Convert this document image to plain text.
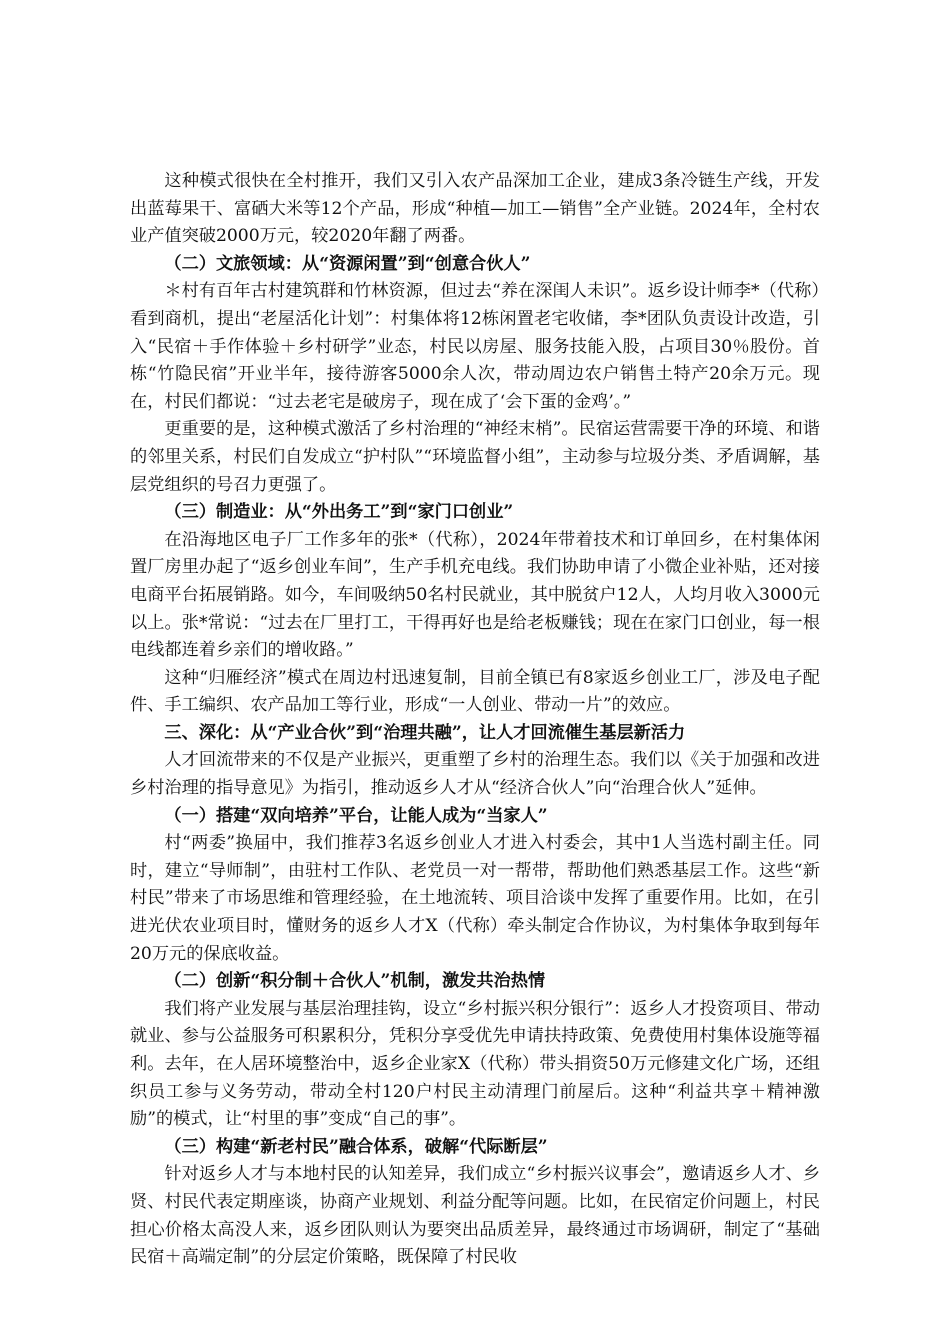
这种模式很快在全村推开，我们又引入农产品深加工企业，建成3条冷链生产线，开发出蓝莓果干、富硒大米等12个产品，形成“种植—加工—销售”全产业链。2024年，全村农业产值突破2000万元，较2020年翻了两番。

（二）文旅领域：从“资源闲置”到“创意合伙人”

＊村有百年古村建筑群和竹林资源，但过去“养在深闺人未识”。返乡设计师李*（代称）看到商机，提出“老屋活化计划”：村集体将12栋闲置老宅收储，李*团队负责设计改造，引入“民宿＋手作体验＋乡村研学”业态，村民以房屋、服务技能入股，占项目30％股份。首栋“竹隐民宿”开业半年，接待游客5000余人次，带动周边农户销售土特产20余万元。现在，村民们都说：“过去老宅是破房子，现在成了‘会下蛋的金鸡’。”

更重要的是，这种模式激活了乡村治理的“神经末梢”。民宿运营需要干净的环境、和谐的邻里关系，村民们自发成立“护村队”“环境监督小组”，主动参与垃圾分类、矛盾调解，基层党组织的号召力更强了。

（三）制造业：从“外出务工”到“家门口创业”

在沿海地区电子厂工作多年的张*（代称），2024年带着技术和订单回乡，在村集体闲置厂房里办起了“返乡创业车间”，生产手机充电线。我们协助申请了小微企业补贴，还对接电商平台拓展销路。如今，车间吸纳50名村民就业，其中脱贫户12人，人均月收入3000元以上。张*常说：“过去在厂里打工，干得再好也是给老板赚钱；现在在家门口创业，每一根电线都连着乡亲们的增收路。”

这种“归雁经济”模式在周边村迅速复制，目前全镇已有8家返乡创业工厂，涉及电子配件、手工编织、农产品加工等行业，形成“一人创业、带动一片”的效应。

三、深化：从“产业合伙”到“治理共融”，让人才回流催生基层新活力

人才回流带来的不仅是产业振兴，更重塑了乡村的治理生态。我们以《关于加强和改进乡村治理的指导意见》为指引，推动返乡人才从“经济合伙人”向“治理合伙人”延伸。

（一）搭建“双向培养”平台，让能人成为“当家人”

村“两委”换届中，我们推荐3名返乡创业人才进入村委会，其中1人当选村副主任。同时，建立“导师制”，由驻村工作队、老党员一对一帮带，帮助他们熟悉基层工作。这些“新村民”带来了市场思维和管理经验，在土地流转、项目洽谈中发挥了重要作用。比如，在引进光伏农业项目时，懂财务的返乡人才X（代称）牵头制定合作协议，为村集体争取到每年20万元的保底收益。

（二）创新“积分制＋合伙人”机制，激发共治热情

我们将产业发展与基层治理挂钩，设立“乡村振兴积分银行”：返乡人才投资项目、带动就业、参与公益服务可积累积分，凭积分享受优先申请扶持政策、免费使用村集体设施等福利。去年，在人居环境整治中，返乡企业家X（代称）带头捐资50万元修建文化广场，还组织员工参与义务劳动，带动全村120户村民主动清理门前屋后。这种“利益共享＋精神激励”的模式，让“村里的事”变成“自己的事”。

（三）构建“新老村民”融合体系，破解“代际断层”

针对返乡人才与本地村民的认知差异，我们成立“乡村振兴议事会”，邀请返乡人才、乡贤、村民代表定期座谈，协商产业规划、利益分配等问题。比如，在民宿定价问题上，村民担心价格太高没人来，返乡团队则认为要突出品质差异，最终通过市场调研，制定了“基础民宿＋高端定制”的分层定价策略，既保障了村民收
